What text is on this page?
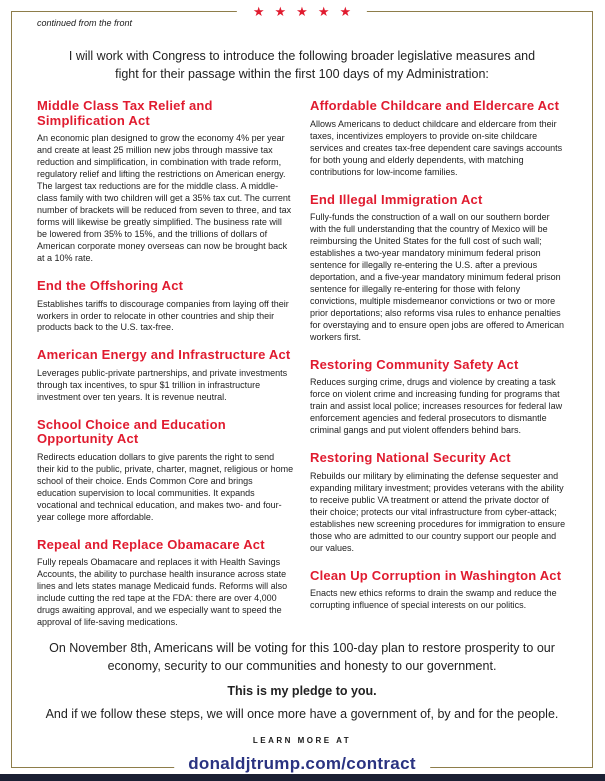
★ ★ ★ ★ ★
continued from the front

I will work with Congress to introduce the following broader legislative measures and fight for their passage within the first 100 days of my Administration:

Middle Class Tax Relief and Simplification Act

An economic plan designed to grow the economy 4% per year and create at least 25 million new jobs through massive tax reduction and simplification, in combination with trade reform, regulatory relief and lifting the restrictions on American energy. The largest tax reductions are for the middle class. A middle-class family with two children will get a 35% tax cut. The current number of brackets will be reduced from seven to three, and tax forms will likewise be greatly simplified. The business rate will be lowered from 35% to 15%, and the trillions of dollars of American corporate money overseas can now be brought back at a 10% rate.

End the Offshoring Act

Establishes tariffs to discourage companies from laying off their workers in order to relocate in other countries and ship their products back to the U.S. tax-free.

American Energy and Infrastructure Act

Leverages public-private partnerships, and private investments through tax incentives, to spur $1 trillion in infrastructure investment over ten years. It is revenue neutral.

School Choice and Education Opportunity Act

Redirects education dollars to give parents the right to send their kid to the public, private, charter, magnet, religious or home school of their choice. Ends Common Core and brings education supervision to local communities. It expands vocational and technical education, and makes two- and four-year college more affordable.

Repeal and Replace Obamacare Act

Fully repeals Obamacare and replaces it with Health Savings Accounts, the ability to purchase health insurance across state lines and lets states manage Medicaid funds. Reforms will also include cutting the red tape at the FDA: there are over 4,000 drugs awaiting approval, and we especially want to speed the approval of life-saving medications.

Affordable Childcare and Eldercare Act

Allows Americans to deduct childcare and eldercare from their taxes, incentivizes employers to provide on-site childcare services and creates tax-free dependent care savings accounts for both young and elderly dependents, with matching contributions for low-income families.

End Illegal Immigration Act

Fully-funds the construction of a wall on our southern border with the full understanding that the country of Mexico will be reimbursing the United States for the full cost of such wall; establishes a two-year mandatory minimum federal prison sentence for illegally re-entering the U.S. after a previous deportation, and a five-year mandatory minimum federal prison sentence for illegally re-entering for those with felony convictions, multiple misdemeanor convictions or two or more prior deportations; also reforms visa rules to enhance penalties for overstaying and to ensure open jobs are offered to American workers first.

Restoring Community Safety Act

Reduces surging crime, drugs and violence by creating a task force on violent crime and increasing funding for programs that train and assist local police; increases resources for federal law enforcement agencies and federal prosecutors to dismantle criminal gangs and put violent offenders behind bars.

Restoring National Security Act

Rebuilds our military by eliminating the defense sequester and expanding military investment; provides veterans with the ability to receive public VA treatment or attend the private doctor of their choice; protects our vital infrastructure from cyber-attack; establishes new screening procedures for immigration to ensure those who are admitted to our country support our people and our values.

Clean Up Corruption in Washington Act

Enacts new ethics reforms to drain the swamp and reduce the corrupting influence of special interests on our politics.

On November 8th, Americans will be voting for this 100-day plan to restore prosperity to our economy, security to our communities and honesty to our government.

This is my pledge to you.

And if we follow these steps, we will once more have a government of, by and for the people.

LEARN MORE AT

donaldjtrump.com/contract
